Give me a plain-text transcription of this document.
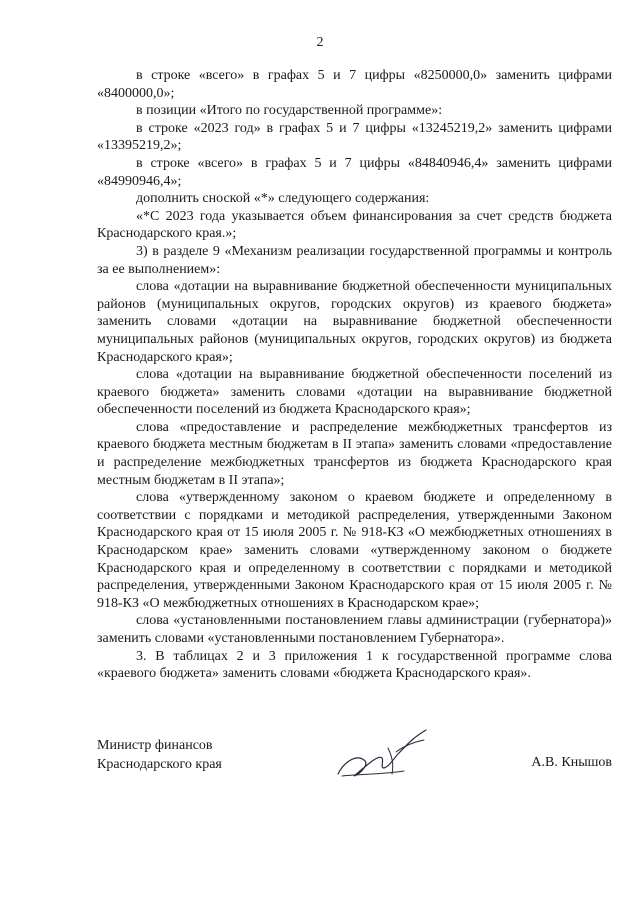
2

в строке «всего» в графах 5 и 7 цифры «8250000,0» заменить цифрами «8400000,0»;

в позиции «Итого по государственной программе»:

в строке «2023 год» в графах 5 и 7 цифры «13245219,2» заменить цифрами «13395219,2»;

в строке «всего» в графах 5 и 7 цифры «84840946,4» заменить цифрами «84990946,4»;

дополнить сноской «*» следующего содержания:

«*С 2023 года указывается объем финансирования за счет средств бюджета Краснодарского края.»;

3) в разделе 9 «Механизм реализации государственной программы и контроль за ее выполнением»:

слова «дотации на выравнивание бюджетной обеспеченности муниципальных районов (муниципальных округов, городских округов) из краевого бюджета» заменить словами «дотации на выравнивание бюджетной обеспеченности муниципальных районов (муниципальных округов, городских округов) из бюджета Краснодарского края»;

слова «дотации на выравнивание бюджетной обеспеченности поселений из краевого бюджета» заменить словами «дотации на выравнивание бюджетной обеспеченности поселений из бюджета Краснодарского края»;

слова «предоставление и распределение межбюджетных трансфертов из краевого бюджета местным бюджетам в II этапа» заменить словами «предоставление и распределение межбюджетных трансфертов из бюджета Краснодарского края местным бюджетам в II этапа»;

слова «утвержденному законом о краевом бюджете и определенному в соответствии с порядками и методикой распределения, утвержденными Законом Краснодарского края от 15 июля 2005 г. № 918-КЗ «О межбюджетных отношениях в Краснодарском крае» заменить словами «утвержденному законом о бюджете Краснодарского края и определенному в соответствии с порядками и методикой распределения, утвержденными Законом Краснодарского края от 15 июля 2005 г. № 918-КЗ «О межбюджетных отношениях в Краснодарском крае»;

слова «установленными постановлением главы администрации (губернатора)» заменить словами «установленными постановлением Губернатора».

3. В таблицах 2 и 3 приложения 1 к государственной программе слова «краевого бюджета» заменить словами «бюджета Краснодарского края».

Министр финансов
Краснодарского края	А.В. Кнышов
